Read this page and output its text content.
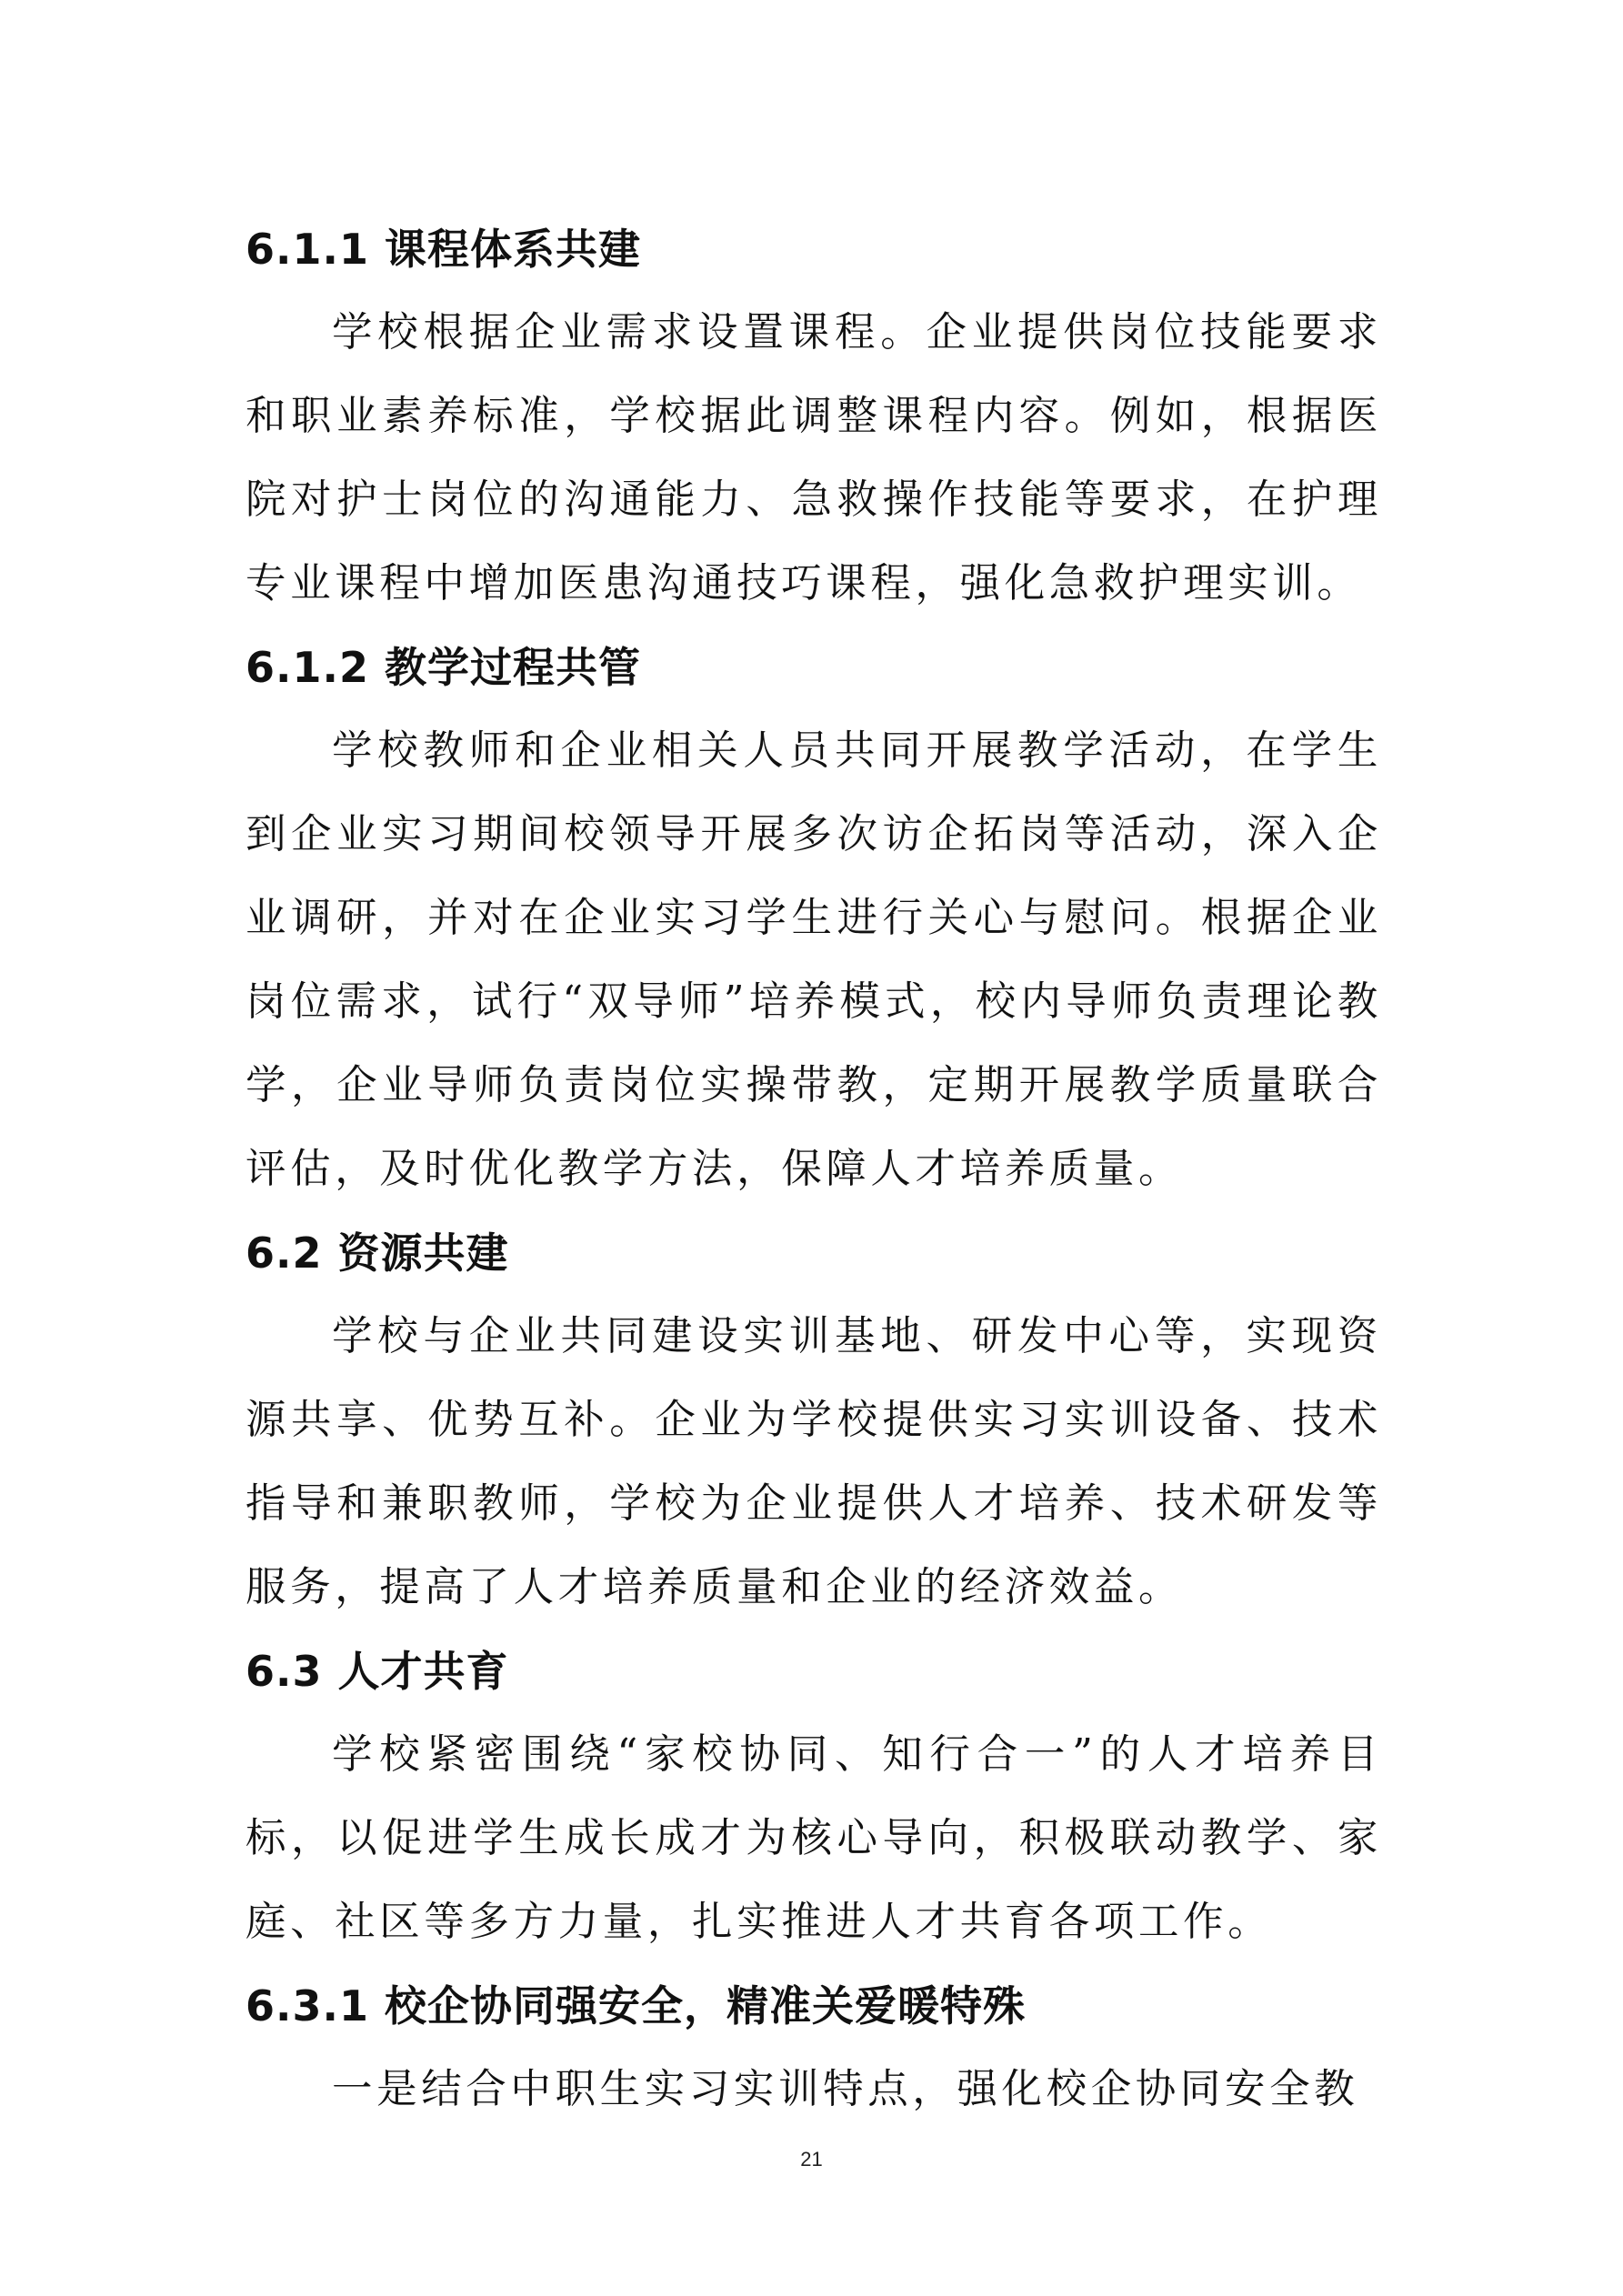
6.1.1 课程体系共建

学校根据企业需求设置课程。企业提供岗位技能要求和职业素养标准，学校据此调整课程内容。例如，根据医院对护士岗位的沟通能力、急救操作技能等要求，在护理专业课程中增加医患沟通技巧课程，强化急救护理实训。

6.1.2 教学过程共管

学校教师和企业相关人员共同开展教学活动，在学生到企业实习期间校领导开展多次访企拓岗等活动，深入企业调研，并对在企业实习学生进行关心与慰问。根据企业岗位需求，试行“双导师”培养模式，校内导师负责理论教学，企业导师负责岗位实操带教，定期开展教学质量联合评估，及时优化教学方法，保障人才培养质量。

6.2 资源共建

学校与企业共同建设实训基地、研发中心等，实现资源共享、优势互补。企业为学校提供实习实训设备、技术指导和兼职教师，学校为企业提供人才培养、技术研发等服务，提高了人才培养质量和企业的经济效益。

6.3 人才共育

学校紧密围绕“家校协同、知行合一”的人才培养目标，以促进学生成长成才为核心导向，积极联动教学、家庭、社区等多方力量，扎实推进人才共育各项工作。

6.3.1 校企协同强安全，精准关爱暖特殊

一是结合中职生实习实训特点，强化校企协同安全教

21
